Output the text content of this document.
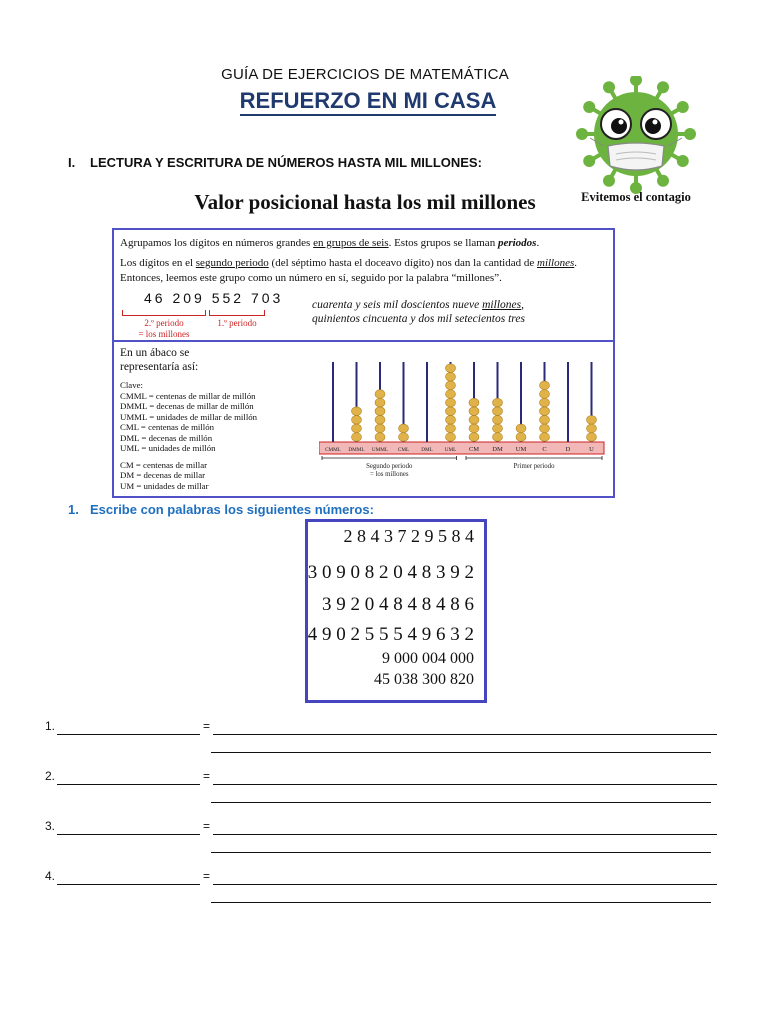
GUÍA DE EJERCICIOS DE MATEMÁTICA
REFUERZO EN MI CASA
Evitemos el contagio
I. LECTURA Y ESCRITURA DE NÚMEROS HASTA MIL MILLONES:
Valor posicional hasta los mil millones
Agrupamos los dígitos en números grandes en grupos de seis. Estos grupos se llaman periodos.
Los dígitos en el segundo periodo (del séptimo hasta el doceavo dígito) nos dan la cantidad de millones. Entonces, leemos este grupo como un número en sí, seguido por la palabra “millones”.
46 209 552 703
2.º periodo
= los millones
1.º periodo
cuarenta y seis mil doscientos nueve millones,
quinientos cincuenta y dos mil setecientos tres
En un ábaco se representaría así:
Clave:
CMML = centenas de millar de millón
DMML = decenas de millar de millón
UMML = unidades de millar de millón
CML = centenas de millón
DML = decenas de millón
UML = unidades de millón
CM = centenas de millar
DM = decenas de millar
UM = unidades de millar
CMML DMML UMML CML DML UML CM DM UM C	D	U
Segundo periodo
= los millones
Primer periodo
1. Escribe con palabras los siguientes números:
2 8 4 3 7 2 9 5 8 4
3 0 9 0 8 2 0 4 8 3 9 2
3 9 2 0 4 8 4 8 4 8 6
4 9 0 2 5 5 5 4 9 6 3 2
9 000 004 000
45 038 300 820
1.	=
2.	=
3.	=
4.	=
